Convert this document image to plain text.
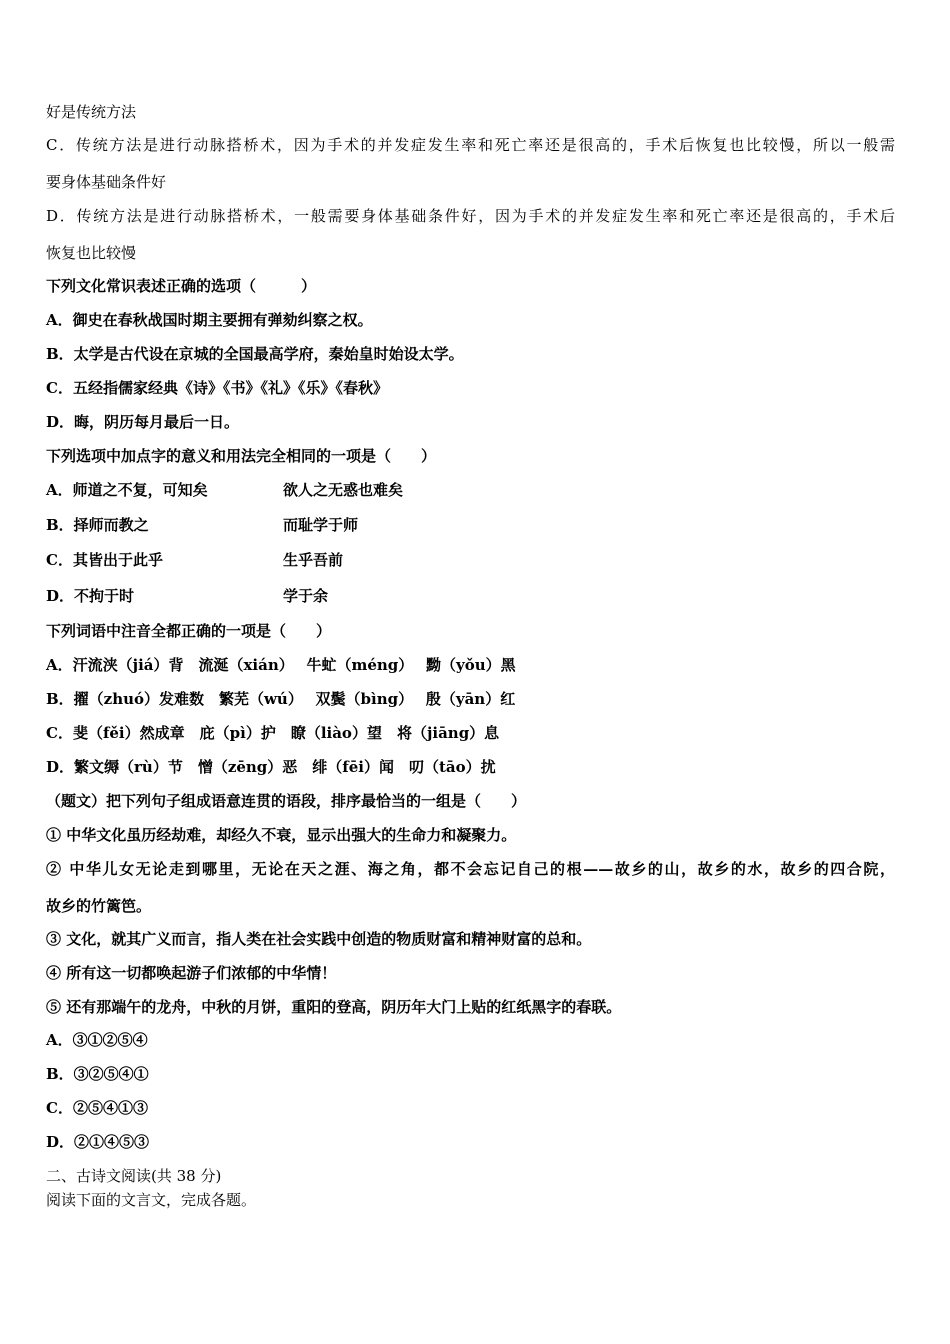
好是传统方法
C．传统方法是进行动脉搭桥术，因为手术的并发症发生率和死亡率还是很高的，手术后恢复也比较慢，所以一般需
要身体基础条件好
D．传统方法是进行动脉搭桥术，一般需要身体基础条件好，因为手术的并发症发生率和死亡率还是很高的，手术后
恢复也比较慢
下列文化常识表述正确的选项（　　　）
A．御史在春秋战国时期主要拥有弹劾纠察之权。
B．太学是古代设在京城的全国最高学府，秦始皇时始设太学。
C．五经指儒家经典《诗》《书》《礼》《乐》《春秋》
D．晦，阴历每月最后一日。
下列选项中加点字的意义和用法完全相同的一项是（　　）
A．师道之不复，可知矣	欲人之无惑也难矣
B．择师而教之	而耻学于师
C．其皆出于此乎	生乎吾前
D．不拘于时	学于余
下列词语中注音全都正确的一项是（　　）
A．汗流浃（jiá）背　流涎（xián）　 牛虻（méng）　 黝（yǒu）黑
B．擢（zhuó）发难数　繁芜（wú）　 双鬓（bìng）　 殷（yān）红
C．斐（fěi）然成章　庇（pì）护　瞭（liào）望　将（jiāng）息
D．繁文缛（rù）节　憎（zēng）恶　绯（fēi）闻　叨（tāo）扰
（题文）把下列句子组成语意连贯的语段，排序最恰当的一组是（　　）
① 中华文化虽历经劫难，却经久不衰，显示出强大的生命力和凝聚力。
② 中华儿女无论走到哪里，无论在天之涯、海之角，都不会忘记自己的根——故乡的山，故乡的水，故乡的四合院，
故乡的竹篱笆。
③ 文化，就其广义而言，指人类在社会实践中创造的物质财富和精神财富的总和。
④ 所有这一切都唤起游子们浓郁的中华情！
⑤ 还有那端午的龙舟，中秋的月饼，重阳的登高，阴历年大门上贴的红纸黑字的春联。
A．③①②⑤④
B．③②⑤④①
C．②⑤④①③
D．②①④⑤③
二、古诗文阅读(共 38 分)
阅读下面的文言文，完成各题。
